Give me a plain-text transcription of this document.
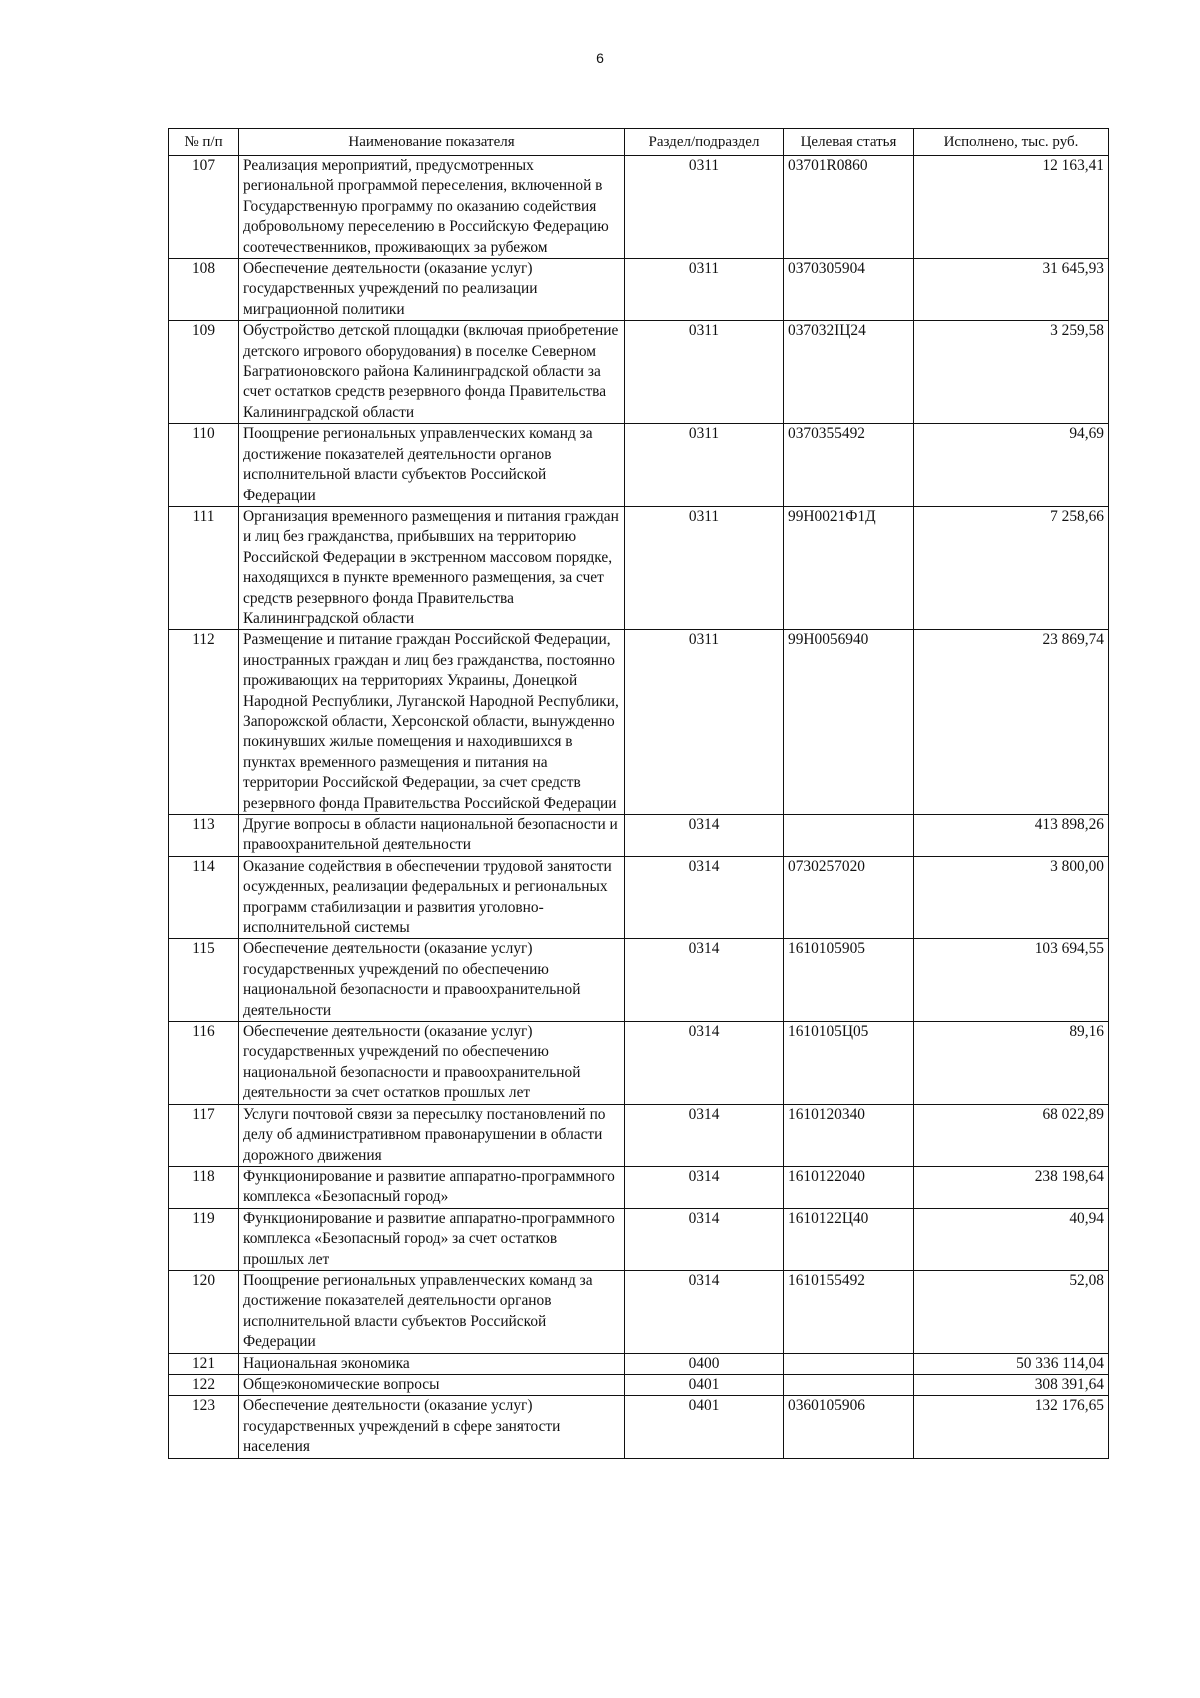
6
№ п/п	Наименование показателя	Раздел/подраздел	Целевая статья	Исполнено, тыс. руб.
107	Реализация мероприятий, предусмотренных региональной программой переселения, включенной в Государственную программу по оказанию содействия добровольному переселению в Российскую Федерацию соотечественников, проживающих за рубежом	0311	03701R0860	12 163,41
108	Обеспечение деятельности (оказание услуг) государственных учреждений по реализации миграционной политики	0311	0370305904	31 645,93
109	Обустройство детской площадки (включая приобретение детского игрового оборудования) в поселке Северном Багратионовского района Калининградской области за счет остатков средств резервного фонда Правительства Калининградской области	0311	037032IЦ24	3 259,58
110	Поощрение региональных управленческих команд за достижение показателей деятельности органов исполнительной власти субъектов Российской Федерации	0311	0370355492	94,69
111	Организация временного размещения и питания граждан и лиц без гражданства, прибывших на территорию Российской Федерации в экстренном массовом порядке, находящихся в пункте временного размещения, за счет средств резервного фонда Правительства Калининградской области	0311	99Н0021Ф1Д	7 258,66
112	Размещение и питание граждан Российской Федерации, иностранных граждан и лиц без гражданства, постоянно проживающих на территориях Украины, Донецкой Народной Республики, Луганской Народной Республики, Запорожской области, Херсонской области, вынужденно покинувших жилые помещения и находившихся в пунктах временного размещения и питания на территории Российской Федерации, за счет средств резервного фонда Правительства Российской Федерации	0311	99Н0056940	23 869,74
113	Другие вопросы в области национальной безопасности и правоохранительной деятельности	0314		413 898,26
114	Оказание содействия в обеспечении трудовой занятости осужденных, реализации федеральных и региональных программ стабилизации и развития уголовно-исполнительной системы	0314	0730257020	3 800,00
115	Обеспечение деятельности (оказание услуг) государственных учреждений по обеспечению национальной безопасности и правоохранительной деятельности	0314	1610105905	103 694,55
116	Обеспечение деятельности (оказание услуг) государственных учреждений по обеспечению национальной безопасности и правоохранительной деятельности за счет остатков прошлых лет	0314	1610105Ц05	89,16
117	Услуги почтовой связи за пересылку постановлений по делу об административном правонарушении в области дорожного движения	0314	1610120340	68 022,89
118	Функционирование и развитие аппаратно-программного комплекса «Безопасный город»	0314	1610122040	238 198,64
119	Функционирование и развитие аппаратно-программного комплекса «Безопасный город» за счет остатков прошлых лет	0314	1610122Ц40	40,94
120	Поощрение региональных управленческих команд за достижение показателей деятельности органов исполнительной власти субъектов Российской Федерации	0314	1610155492	52,08
121	Национальная экономика	0400		50 336 114,04
122	Общеэкономические вопросы	0401		308 391,64
123	Обеспечение деятельности (оказание услуг) государственных учреждений в сфере занятости населения	0401	0360105906	132 176,65
